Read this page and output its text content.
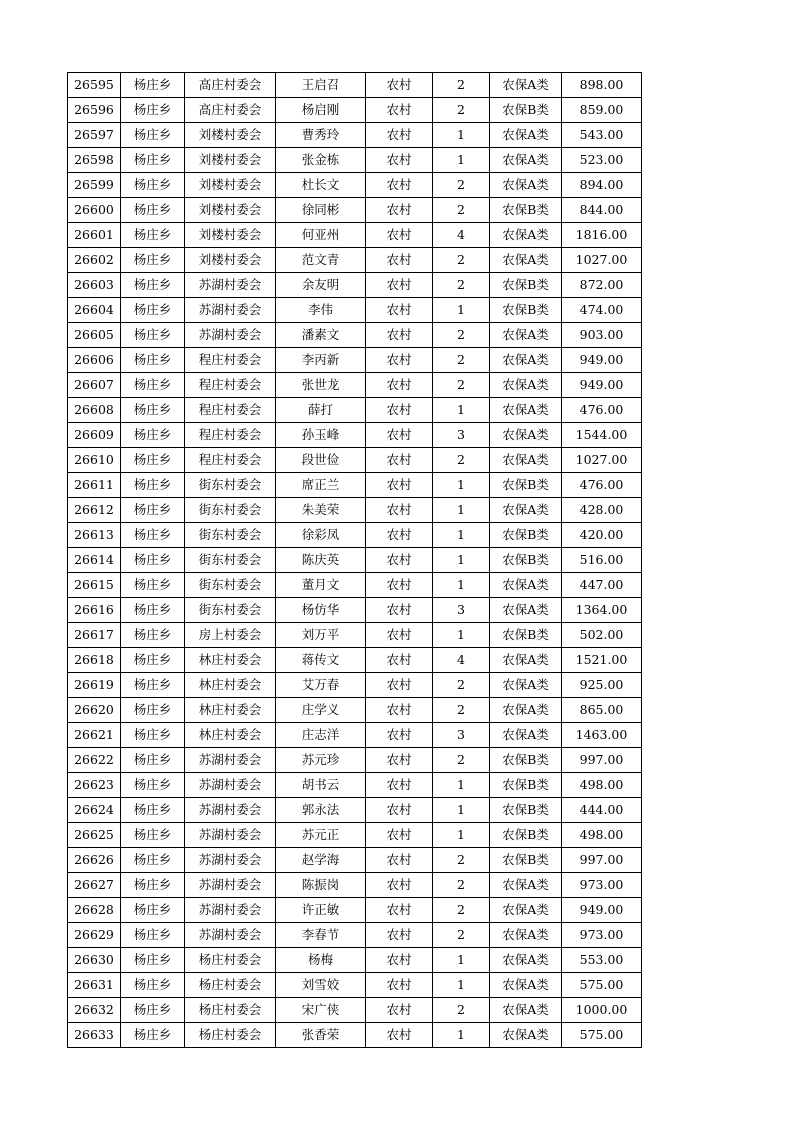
26595	杨庄乡	高庄村委会	王启召	农村	2	农保A类	898.00
26596	杨庄乡	高庄村委会	杨启刚	农村	2	农保B类	859.00
26597	杨庄乡	刘楼村委会	曹秀玲	农村	1	农保A类	543.00
26598	杨庄乡	刘楼村委会	张金栋	农村	1	农保A类	523.00
26599	杨庄乡	刘楼村委会	杜长文	农村	2	农保A类	894.00
26600	杨庄乡	刘楼村委会	徐同彬	农村	2	农保B类	844.00
26601	杨庄乡	刘楼村委会	何亚州	农村	4	农保A类	1816.00
26602	杨庄乡	刘楼村委会	范文青	农村	2	农保A类	1027.00
26603	杨庄乡	苏湖村委会	余友明	农村	2	农保B类	872.00
26604	杨庄乡	苏湖村委会	李伟	农村	1	农保B类	474.00
26605	杨庄乡	苏湖村委会	潘素文	农村	2	农保A类	903.00
26606	杨庄乡	程庄村委会	李丙新	农村	2	农保A类	949.00
26607	杨庄乡	程庄村委会	张世龙	农村	2	农保A类	949.00
26608	杨庄乡	程庄村委会	薛打	农村	1	农保A类	476.00
26609	杨庄乡	程庄村委会	孙玉峰	农村	3	农保A类	1544.00
26610	杨庄乡	程庄村委会	段世俭	农村	2	农保A类	1027.00
26611	杨庄乡	街东村委会	席正兰	农村	1	农保B类	476.00
26612	杨庄乡	街东村委会	朱美荣	农村	1	农保A类	428.00
26613	杨庄乡	街东村委会	徐彩凤	农村	1	农保B类	420.00
26614	杨庄乡	街东村委会	陈庆英	农村	1	农保B类	516.00
26615	杨庄乡	街东村委会	董月文	农村	1	农保A类	447.00
26616	杨庄乡	街东村委会	杨仿华	农村	3	农保A类	1364.00
26617	杨庄乡	房上村委会	刘万平	农村	1	农保B类	502.00
26618	杨庄乡	林庄村委会	蒋传文	农村	4	农保A类	1521.00
26619	杨庄乡	林庄村委会	艾万春	农村	2	农保A类	925.00
26620	杨庄乡	林庄村委会	庄学义	农村	2	农保A类	865.00
26621	杨庄乡	林庄村委会	庄志洋	农村	3	农保A类	1463.00
26622	杨庄乡	苏湖村委会	苏元珍	农村	2	农保B类	997.00
26623	杨庄乡	苏湖村委会	胡书云	农村	1	农保B类	498.00
26624	杨庄乡	苏湖村委会	郭永法	农村	1	农保B类	444.00
26625	杨庄乡	苏湖村委会	苏元正	农村	1	农保B类	498.00
26626	杨庄乡	苏湖村委会	赵学海	农村	2	农保B类	997.00
26627	杨庄乡	苏湖村委会	陈振岗	农村	2	农保A类	973.00
26628	杨庄乡	苏湖村委会	许正敏	农村	2	农保A类	949.00
26629	杨庄乡	苏湖村委会	李春节	农村	2	农保A类	973.00
26630	杨庄乡	杨庄村委会	杨梅	农村	1	农保A类	553.00
26631	杨庄乡	杨庄村委会	刘雪姣	农村	1	农保A类	575.00
26632	杨庄乡	杨庄村委会	宋广侠	农村	2	农保A类	1000.00
26633	杨庄乡	杨庄村委会	张香荣	农村	1	农保A类	575.00
